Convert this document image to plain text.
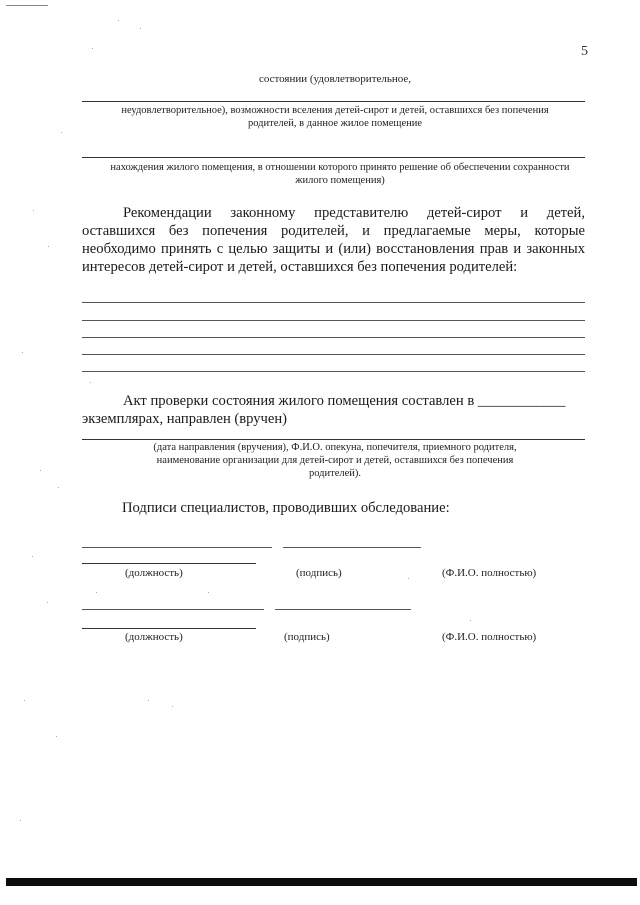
5
состоянии (удовлетворительное,
неудовлетворительное), возможности вселения детей-сирот и детей, оставшихся без попечения родителей, в данное жилое помещение
нахождения жилого помещения, в отношении которого принято решение об обеспечении сохранности жилого помещения)
Рекомендации законному представителю детей-сирот и детей, оставшихся без попечения родителей, и предлагаемые меры, которые необходимо принять с целью защиты и (или) восстановления прав и законных интересов детей-сирот и детей, оставшихся без попечения родителей:
Акт проверки состояния жилого помещения составлен в ____________ экземплярах, направлен (вручен)
(дата направления (вручения), Ф.И.О. опекуна, попечителя, приемного родителя, наименование организации для детей-сирот и детей, оставшихся без попечения родителей).
Подписи специалистов, проводивших обследование:
(должность)	(подпись)	(Ф.И.О. полностью)
(должность)	(подпись)	(Ф.И.О. полностью)
